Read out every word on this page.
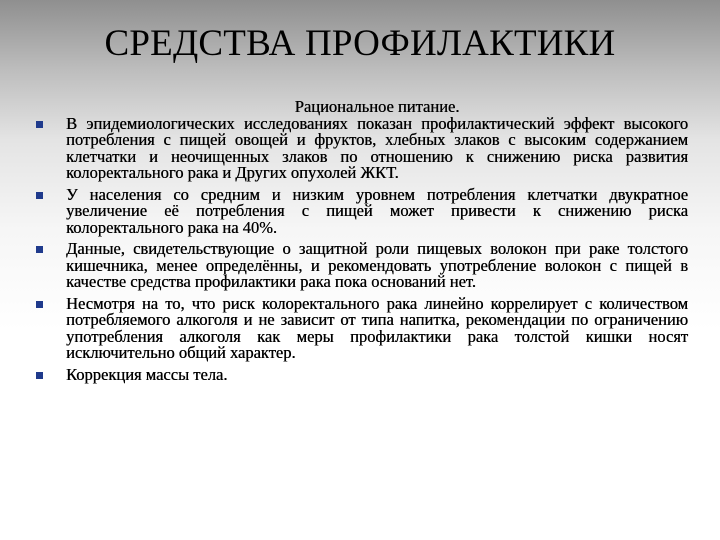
СРЕДСТВА ПРОФИЛАКТИКИ
Рациональное питание.
В эпидемиологических исследованиях показан профилактический эффект высокого потребления с пищей овощей и фруктов, хлебных злаков с высоким содержанием клетчатки и неочищенных злаков по отношению к снижению риска развития колоректального рака и Других опухолей ЖКТ.
У населения со средним и низким уровнем потребления клетчатки двукратное увеличение её потребления с пищей может привести к снижению риска колоректального рака на 40%.
Данные, свидетельствующие о защитной роли пищевых волокон при раке толстого кишечника, менее определённы, и рекомендовать употребление волокон с пищей в качестве средства профилактики рака пока оснований нет.
Несмотря на то, что риск колоректального рака линейно коррелирует с количеством потребляемого алкоголя и не зависит от типа напитка, рекомендации по ограничению употребления алкоголя как меры профилактики рака толстой кишки носят исключительно общий характер.
Коррекция массы тела.
